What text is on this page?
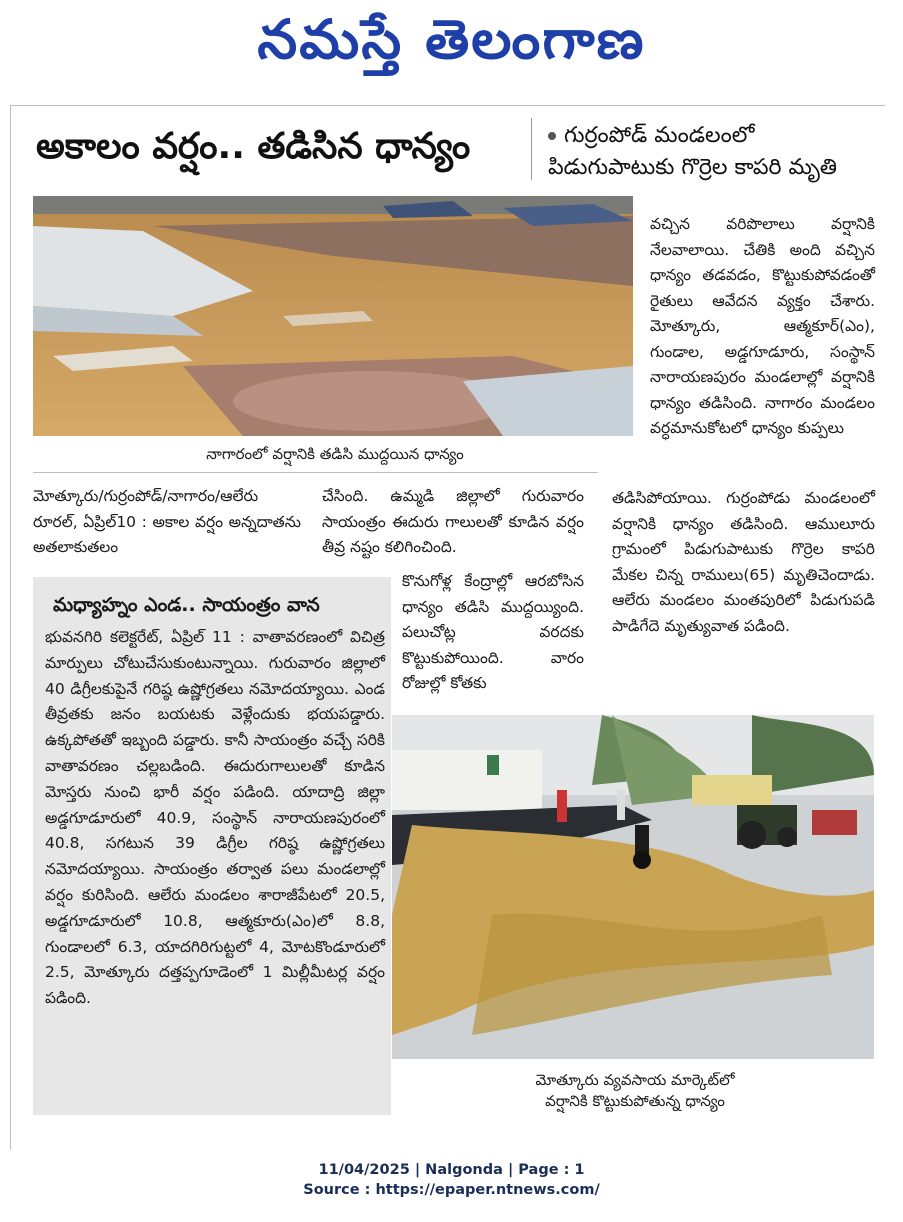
నమస్తే తెలంగాణ
అకాలం వర్షం.. తడిసిన ధాన్యం	గుర్రంపోడ్ మండలంలో పిడుగుపాటుకు గొర్రెల కాపరి మృతి
నాగారంలో వర్షానికి తడిసి ముద్దయిన ధాన్యం
మోత్కూరు/గుర్రంపోడ్/నాగారం/ఆలేరు రూరల్, ఏప్రిల్10 : అకాల వర్షం అన్నదాతను అతలాకుతలం
చేసింది. ఉమ్మడి జిల్లాలో గురువారం సాయంత్రం ఈదురు గాలులతో కూడిన వర్షం తీవ్ర నష్టం కలిగించింది.
కొనుగోళ్ల కేంద్రాల్లో ఆరబోసిన ధాన్యం తడిసి ముద్దయ్యింది. పలుచోట్ల వరదకు కొట్టుకుపోయింది. వారం రోజుల్లో కోతకు
వచ్చిన వరిపొలాలు వర్షానికి నేలవాలాయి. చేతికి అంది వచ్చిన ధాన్యం తడవడం, కొట్టుకుపోవడంతో రైతులు ఆవేదన వ్యక్తం చేశారు. మోత్కూరు, ఆత్మకూర్(ఎం), గుండాల, అడ్డగూడూరు, సంస్థాన్ నారాయణపురం మండలాల్లో వర్షానికి ధాన్యం తడిసింది. నాగారం మండలం వర్ధమానుకోటలో ధాన్యం కుప్పలు
తడిసిపోయాయి. గుర్రంపోడు మండలంలో వర్షానికి ధాన్యం తడిసింది. ఆములూరు గ్రామంలో పిడుగుపాటుకు గొర్రెల కాపరి మేకల చిన్న రాములు(65) మృతిచెందాడు. ఆలేరు మండలం మంతపురిలో పిడుగుపడి పాడిగేదె మృత్యువాత పడింది.
మధ్యాహ్నం ఎండ.. సాయంత్రం వాన
భువనగిరి కలెక్టరేట్, ఏప్రిల్ 11 : వాతావరణంలో విచిత్ర మార్పులు చోటుచేసుకుంటున్నాయి. గురువారం జిల్లాలో 40 డిగ్రీలకుపైనే గరిష్ఠ ఉష్ణోగ్రతలు నమోదయ్యాయి. ఎండ తీవ్రతకు జనం బయటకు వెళ్లేందుకు భయపడ్డారు. ఉక్కపోతతో ఇబ్బంది పడ్డారు. కానీ సాయంత్రం వచ్చే సరికి వాతావరణం చల్లబడింది. ఈదురుగాలులతో కూడిన మోస్తరు నుంచి భారీ వర్షం పడింది. యాదాద్రి జిల్లా అడ్డగూడూరులో 40.9, సంస్థాన్ నారాయణపురంలో 40.8, సగటున 39 డిగ్రీల గరిష్ఠ ఉష్ణోగ్రతలు నమోదయ్యాయి. సాయంత్రం తర్వాత పలు మండలాల్లో వర్షం కురిసింది. ఆలేరు మండలం శారాజీపేటలో 20.5, అడ్డగూడూరులో 10.8, ఆత్మకూరు(ఎం)లో 8.8, గుండాలలో 6.3, యాదగిరిగుట్టలో 4, మోటకొండూరులో 2.5, మోత్కూరు దత్తప్పగూడెంలో 1 మిల్లీమీటర్ల వర్షం పడింది.
మోత్కూరు వ్యవసాయ మార్కెట్‌లో
వర్షానికి కొట్టుకుపోతున్న ధాన్యం
11/04/2025 | Nalgonda | Page : 1
Source : https://epaper.ntnews.com/
